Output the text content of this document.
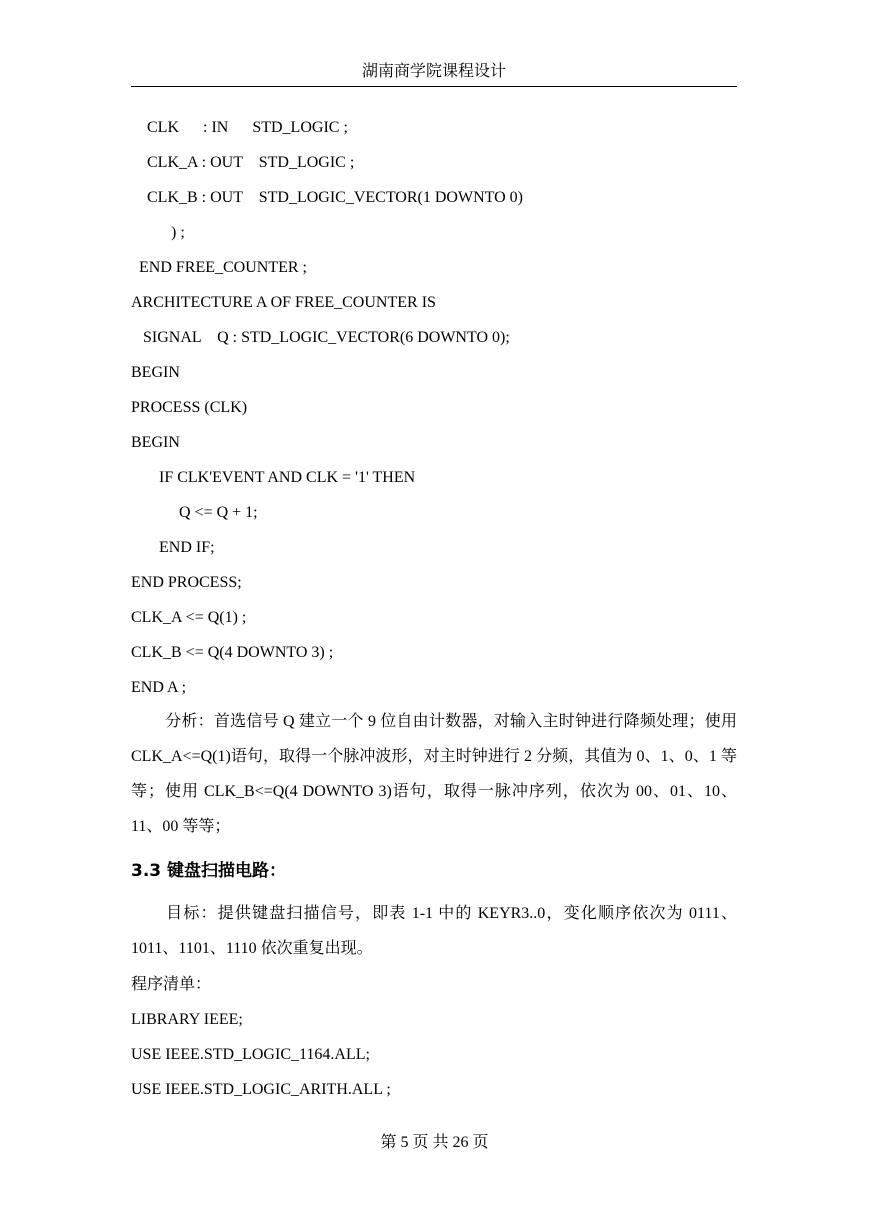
湖南商学院课程设计
CLK      : IN      STD_LOGIC ;
CLK_A : OUT    STD_LOGIC ;
CLK_B : OUT    STD_LOGIC_VECTOR(1 DOWNTO 0)
) ;
END FREE_COUNTER ;
ARCHITECTURE A OF FREE_COUNTER IS
SIGNAL    Q : STD_LOGIC_VECTOR(6 DOWNTO 0);
BEGIN
PROCESS (CLK)
BEGIN
IF CLK'EVENT AND CLK = '1' THEN
Q <= Q + 1;
END IF;
END PROCESS;
CLK_A <= Q(1) ;
CLK_B <= Q(4 DOWNTO 3) ;
END A ;
分析：首选信号 Q 建立一个 9 位自由计数器，对输入主时钟进行降频处理；使用 CLK_A<=Q(1)语句，取得一个脉冲波形，对主时钟进行 2 分频，其值为 0、1、0、1 等等；使用 CLK_B<=Q(4 DOWNTO 3)语句，取得一脉冲序列，依次为 00、01、10、11、00 等等；
3.3 键盘扫描电路：
目标：提供键盘扫描信号，即表 1-1 中的 KEYR3..0，变化顺序依次为 0111、1011、1101、1110 依次重复出现。
程序清单：
LIBRARY IEEE;
USE IEEE.STD_LOGIC_1164.ALL;
USE IEEE.STD_LOGIC_ARITH.ALL ;
第 5 页 共 26 页
